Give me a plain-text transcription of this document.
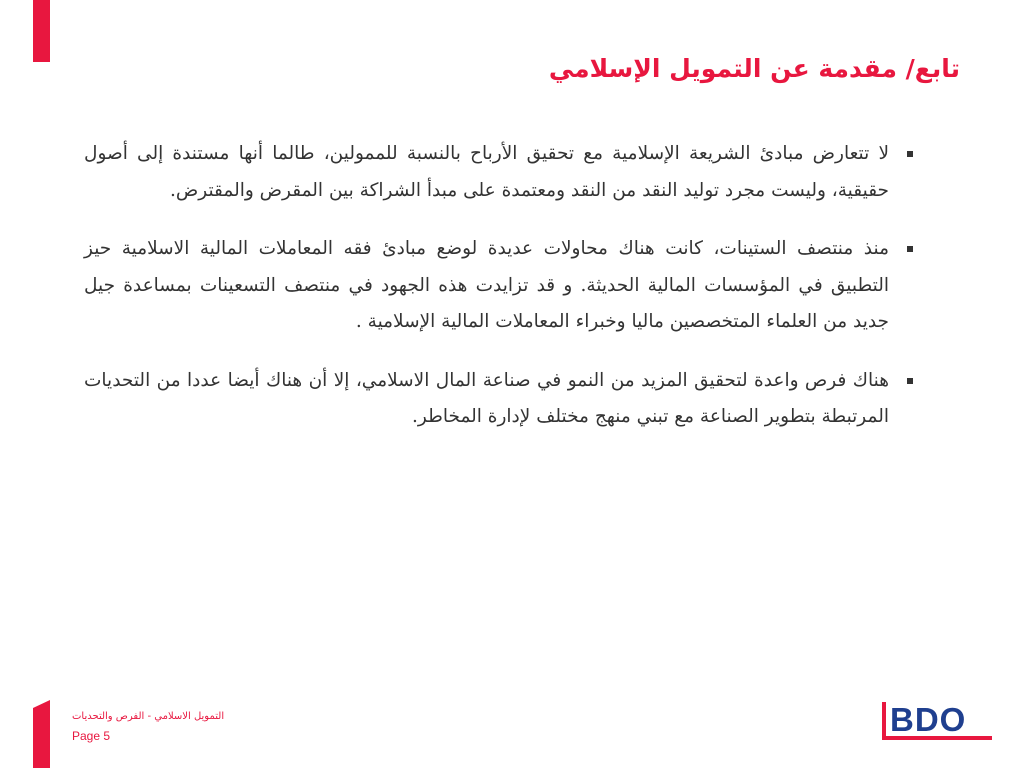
تابع/ مقدمة عن التمويل الإسلامي
لا تتعارض مبادئ الشريعة الإسلامية مع تحقيق الأرباح بالنسبة للممولين، طالما أنها مستندة إلى أصول حقيقية، وليست مجرد توليد النقد من النقد ومعتمدة على مبدأ الشراكة بين المقرض والمقترض.
منذ منتصف الستينات، كانت هناك محاولات عديدة لوضع مبادئ فقه المعاملات المالية الاسلامية حيز التطبيق في المؤسسات المالية الحديثة. و قد تزايدت هذه الجهود في منتصف التسعينات بمساعدة جيل جديد من العلماء المتخصصين ماليا وخبراء المعاملات المالية الإسلامية .
هناك فرص واعدة لتحقيق المزيد من النمو في صناعة المال الاسلامي، إلا أن هناك أيضا عددا من التحديات المرتبطة بتطوير الصناعة مع تبني منهج مختلف لإدارة المخاطر.
التمويل الاسلامي - الفرص والتحديات
Page 5	BDO
